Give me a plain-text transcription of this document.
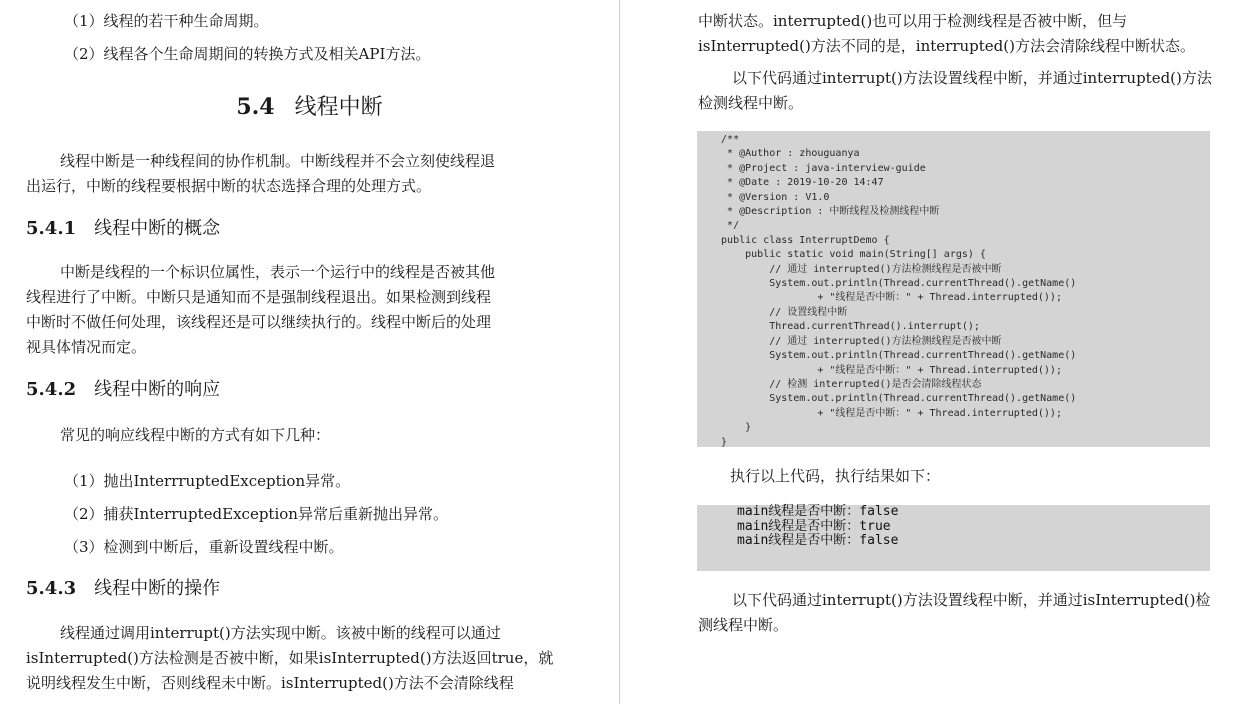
（1）线程的若干种生命周期。

（2）线程各个生命周期间的转换方式及相关API方法。

5.4 线程中断
线程中断是一种线程间的协作机制。中断线程并不会立刻使线程退
出运行，中断的线程要根据中断的状态选择合理的处理方式。
5.4.1 线程中断的概念
中断是线程的一个标识位属性，表示一个运行中的线程是否被其他
线程进行了中断。中断只是通知而不是强制线程退出。如果检测到线程
中断时不做任何处理，该线程还是可以继续执行的。线程中断后的处理
视具体情况而定。
5.4.2 线程中断的响应

常见的响应线程中断的方式有如下几种：

（1）抛出InterrruptedException异常。

（2）捕获InterruptedException异常后重新抛出异常。

（3）检测到中断后，重新设置线程中断。

5.4.3 线程中断的操作
线程通过调用interrupt()方法实现中断。该被中断的线程可以通过
isInterrupted()方法检测是否被中断，如果isInterrupted()方法返回true，就
说明线程发生中断，否则线程未中断。isInterrupted()方法不会清除线程
中断状态。interrupted()也可以用于检测线程是否被中断，但与
isInterrupted()方法不同的是，interrupted()方法会清除线程中断状态。
以下代码通过interrupt()方法设置线程中断，并通过interrupted()方法
检测线程中断。
/**
* @Author : zhouguanya
* @Project : java-interview-guide
* @Date : 2019-10-20 14:47
* @Version : V1.0
* @Description : 中断线程及检测线程中断
*/
public class InterruptDemo {
public static void main(String[] args) {
// 通过 interrupted()方法检测线程是否被中断
System.out.println(Thread.currentThread().getName()
+ "线程是否中断：" + Thread.interrupted());
// 设置线程中断
Thread.currentThread().interrupt();
// 通过 interrupted()方法检测线程是否被中断
System.out.println(Thread.currentThread().getName()
+ "线程是否中断：" + Thread.interrupted());
// 检测 interrupted()是否会清除线程状态
System.out.println(Thread.currentThread().getName()
+ "线程是否中断：" + Thread.interrupted());
}
}

执行以上代码，执行结果如下：

main线程是否中断：false
main线程是否中断：true
main线程是否中断：false
以下代码通过interrupt()方法设置线程中断，并通过isInterrupted()检
测线程中断。
